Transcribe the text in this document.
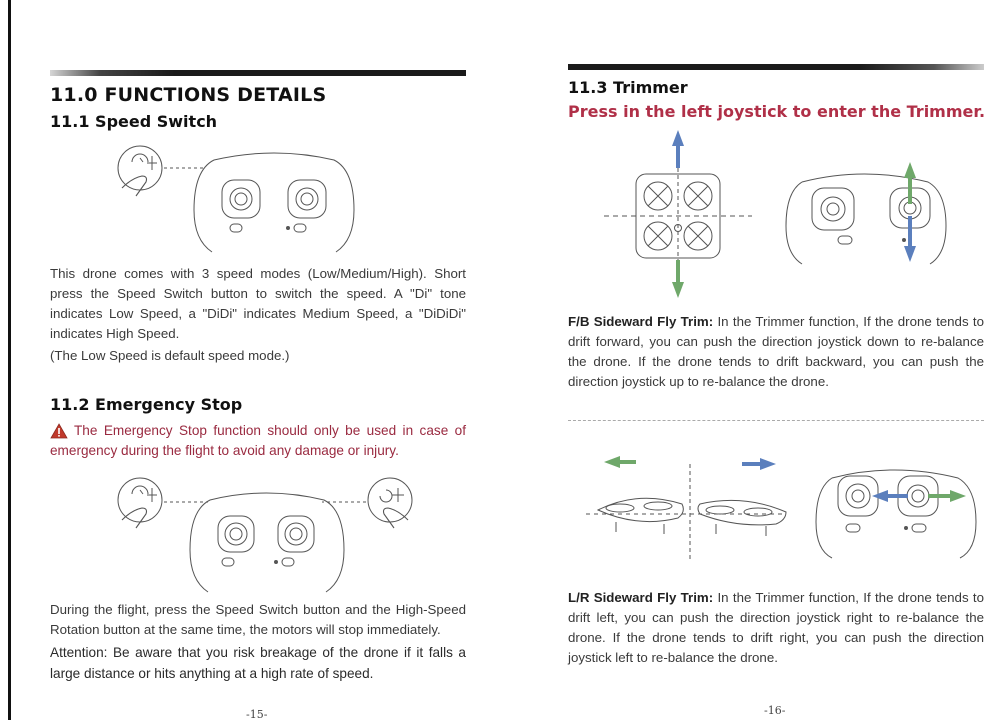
11.0 FUNCTIONS DETAILS
11.1 Speed Switch
This drone comes with 3 speed modes (Low/Medium/High). Short press the Speed Switch button to switch the speed. A "Di" tone indicates Low Speed, a "DiDi" indicates Medium Speed, a "DiDiDi" indicates High Speed.
(The Low Speed is default speed mode.)
11.2 Emergency Stop
The Emergency Stop function should only be used in case of emergency during the flight to avoid any damage or injury.
During the flight, press the Speed Switch button and the High-Speed Rotation button at the same time, the motors will stop immediately.
Attention: Be aware that you risk breakage of the drone if it falls a large distance or hits anything at a high rate of speed.
-15-
11.3 Trimmer
Press in the left joystick to enter the Trimmer.
F/B Sideward Fly Trim: In the Trimmer function, If the drone tends to drift forward, you can push the direction joystick down to re-balance the drone. If the drone tends to drift backward, you can push the direction joystick up to re-balance the drone.
L/R Sideward Fly Trim: In the Trimmer function, If the drone tends to drift left, you can push the direction joystick right to re-balance the drone. If the drone tends to drift right, you can push the direction joystick left to re-balance the drone.
-16-
